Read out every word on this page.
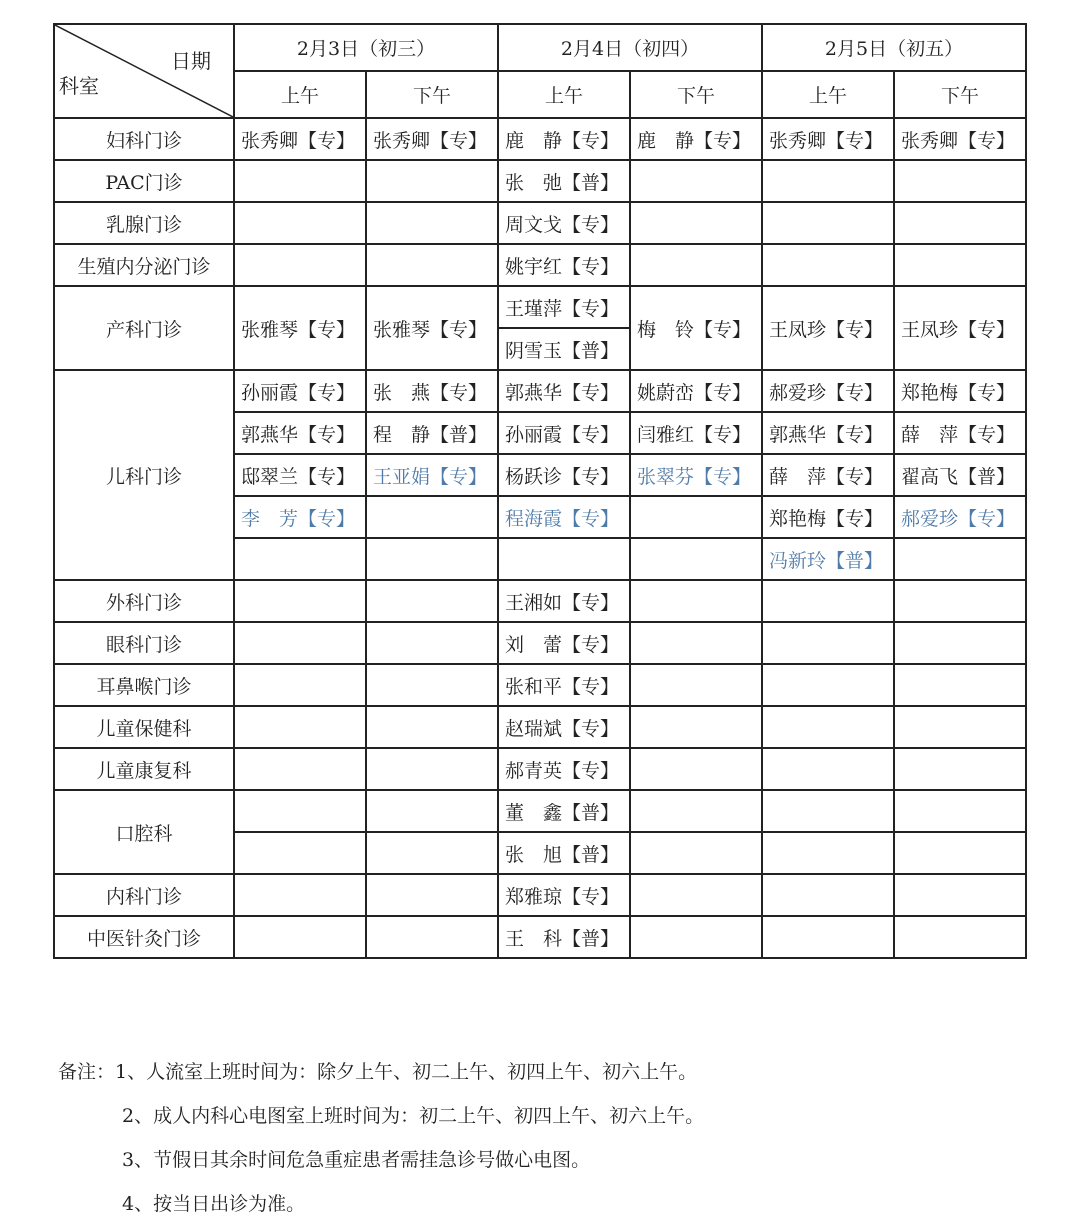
日期
科室	2月3日（初三）		2月4日（初四）		2月5日（初五）	
	上午	下午	上午	下午	上午	下午
妇科门诊	张秀卿【专】	张秀卿【专】	鹿　静【专】	鹿　静【专】	张秀卿【专】	张秀卿【专】
PAC门诊			张　弛【普】			
乳腺门诊			周文戈【专】			
生殖内分泌门诊			姚宇红【专】			
产科门诊	张雅琴【专】	张雅琴【专】	王瑾萍【专】	梅　铃【专】	王凤珍【专】	王凤珍【专】
			阴雪玉【普】			
儿科门诊	孙丽霞【专】	张　燕【专】	郭燕华【专】	姚蔚峦【专】	郝爱珍【专】	郑艳梅【专】
	郭燕华【专】	程　静【普】	孙丽霞【专】	闫雅红【专】	郭燕华【专】	薛　萍【专】
	邸翠兰【专】	王亚娟【专】	杨跃诊【专】	张翠芬【专】	薛　萍【专】	翟高飞【普】
	李　芳【专】		程海霞【专】		郑艳梅【专】	郝爱珍【专】
					冯新玲【普】	
外科门诊			王湘如【专】			
眼科门诊			刘　蕾【专】			
耳鼻喉门诊			张和平【专】			
儿童保健科			赵瑞斌【专】			
儿童康复科			郝青英【专】			
口腔科			董　鑫【普】			
			张　旭【普】			
内科门诊			郑雅琼【专】			
中医针灸门诊			王　科【普】			
备注：1、人流室上班时间为：除夕上午、初二上午、初四上午、初六上午。
2、成人内科心电图室上班时间为：初二上午、初四上午、初六上午。
3、节假日其余时间危急重症患者需挂急诊号做心电图。
4、按当日出诊为准。
